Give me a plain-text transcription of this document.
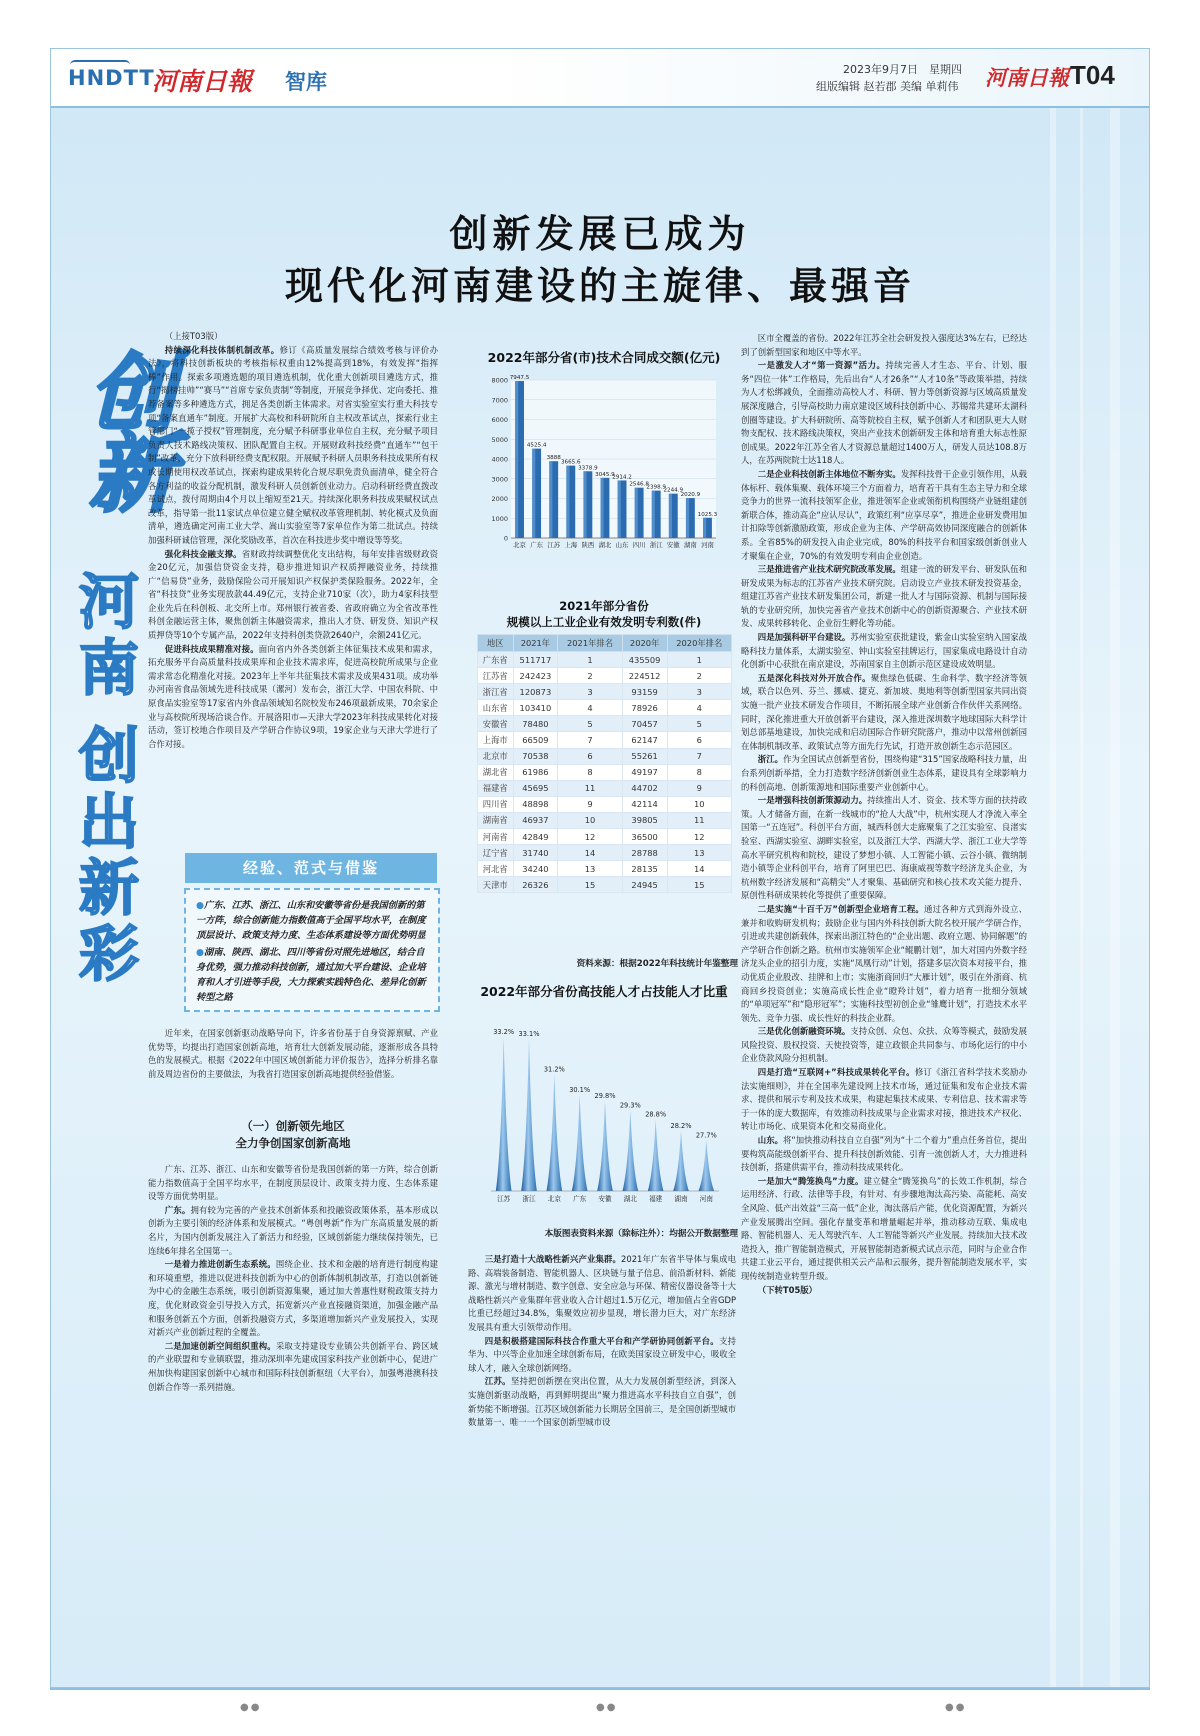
HNDTT
河南日報 智库
2023年9月7日　星期四
组版编辑 赵若郡 美编 单莉伟 河南日報 T04
创新发展已成为
现代化河南建设的主旋律、最强音
创新
河
南
创
出
新
彩

（上接T03版）

持续深化科技体制机制改革。修订《高质量发展综合绩效考核与评价办法》，将科技创新板块的考核指标权重由12%提高到18%，有效发挥“指挥棒”作用。探索多项遴选题的项目遴选机制，优化重大创新项目遴选方式，推行“揭榜挂帅”“赛马”“首席专家负责制”等制度，开展竞争择优、定向委托、推荐备案等多种遴选方式，拥足各类创新主体需求。对省实验室实行重大科技专项“备案直通车”制度。开展扩大高校和科研院所自主权改革试点，探索行业主管部门“一揽子授权”管理制度，充分赋予科研事业单位自主权，充分赋予项目负责人技术路线决策权、团队配置自主权。开展财政科技经费“直通车”“包干制”改革，充分下放科研经费支配权限。开展赋予科研人员职务科技成果所有权或长期使用权改革试点，探索构建成果转化合规尽职免责负面清单，健全符合各方利益的收益分配机制，激发科研人员创新创业动力。启动科研经费直拨改革试点，拨付周期由4个月以上缩短至21天。持续深化职务科技成果赋权试点改革，指导第一批11家试点单位建立健全赋权改革管理机制、转化模式及负面清单，遴选确定河南工业大学、嵩山实验室等7家单位作为第二批试点。持续加强科研诚信管理，深化奖励改革，首次在科技进步奖中增设等等奖。

强化科技金融支撑。省财政持续调整优化支出结构，每年安排省级财政资金20亿元，加强信贷资金支持，稳步推进知识产权质押融资业务，持续推广“信易贷”业务，鼓励保险公司开展知识产权保护类保险服务。2022年，全省“科技贷”业务实现放款44.49亿元，支持企业710家（次），助力4家科技型企业先后在科创板、北交所上市。郑州银行被省委、省政府确立为全省改革性科创金融运营主体，聚焦创新主体融资需求，推出人才贷、研发贷、知识产权质押贷等10个专属产品，2022年支持科创类贷款2640户，余额241亿元。

促进科技成果精准对接。面向省内外各类创新主体征集技术成果和需求，拓充服务平台高质量科技成果库和企业技术需求库，促进高校院所成果与企业需求常态化精准化对接。2023年上半年共征集技术需求及成果431项。成功举办河南省食品领域先进科技成果（漯河）发布会，浙江大学、中国农科院、中原食品实验室等17家省内外食品领域知名院校发布246项最新成果，70余家企业与高校院所现场洽谈合作。开展洛阳市—天津大学2023年科技成果转化对接活动，签订校地合作项目及产学研合作协议9项，19家企业与天津大学进行了合作对接。

经验、范式与借鉴

●广东、江苏、浙江、山东和安徽等省份是我国创新的第一方阵，综合创新能力指数值高于全国平均水平，在制度顶层设计、政策支持力度、生态体系建设等方面优势明显

●湖南、陕西、湖北、四川等省份对照先进地区，结合自身优势，强力推动科技创新，通过加大平台建设、企业培育和人才引进等手段，大力探索实践特色化、差异化创新转型之路

近年来，在国家创新驱动战略导向下，许多省份基于自身资源禀赋、产业优势等，均提出打造国家创新高地，培育壮大创新发展动能，逐渐形成各具特色的发展模式。根据《2022年中国区域创新能力评价报告》，选择分析排名靠前及周边省份的主要做法，为我省打造国家创新高地提供经验借鉴。

（一）创新领先地区
全力争创国家创新高地

广东、江苏、浙江、山东和安徽等省份是我国创新的第一方阵，综合创新能力指数值高于全国平均水平，在制度顶层设计、政策支持力度、生态体系建设等方面优势明显。

广东。拥有较为完善的产业技术创新体系和投融资政策体系，基本形成以创新为主要引领的经济体系和发展模式。“粤创粤新”作为广东高质量发展的新名片，为国内创新发展注入了新活力和经验，区域创新能力继续保持领先，已连续6年排名全国第一。

一是着力推进创新生态系统。围绕企业、技术和金融的培育进行制度构建和环境重塑，推进以促进科技创新为中心的创新体制机制改革，打造以创新链为中心的金融生态系统，吸引创新资源集聚，通过加大普惠性财税政策支持力度，优化财政资金引导投入方式，拓宽新兴产业直接融资渠道，加强金融产品和服务创新五个方面，创新投融资方式，多渠道增加新兴产业发展投入，实现对新兴产业创新过程的全覆盖。

二是加速创新空间组织重构。采取支持建设专业镇公共创新平台、跨区域的产业联盟和专业镇联盟，推动深圳率先建成国家科技产业创新中心，促进广州加快构建国家创新中心城市和国际科技创新枢纽（大平台），加强粤港澳科技创新合作等一系列措施。

2022年部分省(市)技术合同成交额(亿元)
8000
7000
6000
5000
4000
3000
2000
1000
0
7947.5
北京
4525.4
广东
3888
江苏
3665.6
上海
3378.9
陕西
3045.9
湖北
2914.2
山东
2546.8
四川
2398.9
浙江
2244.9
安徽
2020.9
湖南
1025.3
河南
2021年部分省份
规模以上工业企业有效发明专利数(件)
地区	2021年	2021年排名	2020年	2020年排名
广东省	511717	1	435509	1
江苏省	242423	2	224512	2
浙江省	120873	3	93159	3
山东省	103410	4	78926	4
安徽省	78480	5	70457	5
上海市	66509	7	62147	6
北京市	70538	6	55261	7
湖北省	61986	8	49197	8
福建省	45695	11	44702	9
四川省	48898	9	42114	10
湖南省	46937	10	39805	11
河南省	42849	12	36500	12
辽宁省	31740	14	28788	13
河北省	34240	13	28135	14
天津市	26326	15	24945	15
资料来源：根据2022年科技统计年鉴整理
2022年部分省份高技能人才占技能人才比重
33.2%
江苏
33.1%
浙江
31.2%
北京
30.1%
广东
29.8%
安徽
29.3%
湖北
28.8%
福建
28.2%
湖南
27.7%
河南
本版图表资料来源（除标注外）：均据公开数据整理

三是打造十大战略性新兴产业集群。2021年广东省半导体与集成电路、高端装备制造、智能机器人、区块链与量子信息、前沿新材料、新能源、激光与增材制造、数字创意、安全应急与环保、精密仪器设备等十大战略性新兴产业集群年营业收入合计超过1.5万亿元，增加值占全省GDP比重已经超过34.8%，集聚效应初步显现，增长潜力巨大，对广东经济发展具有重大引领带动作用。

四是积极搭建国际科技合作重大平台和产学研协同创新平台。支持华为、中兴等企业加速全球创新布局，在欧美国家设立研发中心，吸收全球人才，融入全球创新网络。

江苏。坚持把创新摆在突出位置，从大力发展创新型经济，到深入实施创新驱动战略，再到鲜明提出“聚力推进高水平科技自立自强”，创新势能不断增强。江苏区域创新能力长期居全国前三，是全国创新型城市数量第一、唯一一个国家创新型城市设

区市全覆盖的省份。2022年江苏全社会研发投入强度达3%左右，已经达到了创新型国家和地区中等水平。

一是激发人才“第一资源”活力。持续完善人才生态、平台、计划、服务“四位一体”工作格局，先后出台“人才26条”“人才10条”等政策举措，持续为人才松绑减负，全面推动高校人才、科研、智力等创新资源与区域高质量发展深度融合，引导高校助力南京建设区域科技创新中心、苏锡常共建环太湖科创圈等建设。扩大科研院所、高等院校自主权，赋予创新人才和团队更大人财物支配权、技术路线决策权，突出产业技术创新研发主体和培育重大标志性原创成果。2022年江苏全省人才资源总量超过1400万人，研发人员达108.8万人，在苏两院院士达118人。

二是企业科技创新主体地位不断夯实。发挥科技骨干企业引领作用，从载体标杆、载体集聚、载体环境三个方面着力，培育若干具有生态主导力和全球竞争力的世界一流科技领军企业，推进领军企业或领衔机构围绕产业链组建创新联合体，推动高企“应认尽认”，政策红利“应享尽享”，推进企业研发费用加计扣除等创新激励政策，形成企业为主体、产学研高效协同深度融合的创新体系。全省85%的研发投入由企业完成，80%的科技平台和国家级创新创业人才聚集在企业，70%的有效发明专利由企业创造。

三是推进省产业技术研究院改革发展。组建一流的研发平台、研发队伍和研发成果为标志的江苏省产业技术研究院。启动设立产业技术研发投资基金，组建江苏省产业技术研发集团公司，新建一批人才与国际资源、机制与国际接轨的专业研究所，加快完善省产业技术创新中心的创新资源聚合、产业技术研发、成果转移转化、企业衍生孵化等功能。

四是加强科研平台建设。苏州实验室获批建设，紫金山实验室纳入国家战略科技力量体系，太湖实验室、钟山实验室挂牌运行，国家集成电路设计自动化创新中心获批在南京建设，苏南国家自主创新示范区建设成效明显。

五是深化科技对外开放合作。聚焦绿色低碳、生命科学、数字经济等领域，联合以色列、芬兰、挪威、捷克、新加坡、奥地利等创新型国家共同出资实施一批产业技术研发合作项目，不断拓展全球产业创新合作伙伴关系网络。同时，深化推进重大开放创新平台建设，深入推进深圳数字地球国际大科学计划总部基地建设，加快完成和启动国际合作研究院落户，推动中以常州创新园在体制机制改革、政策试点等方面先行先试，打造开放创新生态示范园区。

浙江。作为全国试点创新型省份，围绕构建“315”国家战略科技力量，出台系列创新举措，全力打造数字经济创新创业生态体系，建设具有全球影响力的科创高地、创新策源地和国际重要产业创新中心。

一是增强科技创新策源动力。持续推出人才、资金、技术等方面的扶持政策。人才储备方面，在新一线城市的“抢人大战”中，杭州实现人才净流入率全国第一“五连冠”。科创平台方面，城西科创大走廊聚集了之江实验室、良渚实验室、西湖实验室、湖畔实验室，以及浙江大学、西湖大学、浙江工业大学等高水平研究机构和院校，建设了梦想小镇、人工智能小镇、云谷小镇、微纳制造小镇等企业科创平台，培育了阿里巴巴、海康威视等数字经济龙头企业，为杭州数字经济发展和“高精尖”人才聚集、基础研究和核心技术攻关能力提升、原创性科研成果转化等提供了重要保障。

二是实施“十百千万”创新型企业培育工程。通过各种方式到海外设立、兼并和收购研发机构；鼓励企业与国内外科技创新大院名校开展产学研合作，引进或共建创新载体，探索出浙江特色的“企业出题、政府立题、协同解题”的产学研合作创新之路。杭州市实施领军企业“鲲鹏计划”，加大对国内外数字经济龙头企业的招引力度，实施“凤凰行动”计划，搭建多层次资本对接平台，推动优质企业股改、挂牌和上市；实施浙商回归“大雁计划”，吸引在外浙商、杭商回乡投资创业；实施高成长性企业“瞪羚计划”，着力培育一批细分领域的“单项冠军”和“隐形冠军”；实施科技型初创企业“雏鹰计划”，打造技术水平领先、竞争力强、成长性好的科技企业群。

三是优化创新融资环境。支持众创、众包、众扶、众筹等模式，鼓励发展风险投资、股权投资、天使投资等，建立政银企共同参与、市场化运行的中小企业贷款风险分担机制。

四是打造“互联网+”科技成果转化平台。修订《浙江省科学技术奖励办法实施细则》，并在全国率先建设网上技术市场，通过征集和发布企业技术需求、提供和展示专利及技术成果，构建起集技术成果、专利信息、技术需求等于一体的庞大数据库，有效推动科技成果与企业需求对接，推进技术产权化、转让市场化、成果资本化和交易商业化。

山东。将“加快推动科技自立自强”列为“十二个着力”重点任务首位，提出要构筑高能级创新平台、提升科技创新效能、引育一流创新人才，大力推进科技创新，搭建供需平台，推动科技成果转化。

一是加大“腾笼换鸟”力度。建立健全“腾笼换鸟”的长效工作机制，综合运用经济、行政、法律等手段，有针对、有步骤地淘汰高污染、高能耗、高安全风险、低产出效益“三高一低”企业，淘汰落后产能，优化资源配置，为新兴产业发展腾出空间。强化存量变革和增量崛起并举，推动移动互联、集成电路、智能机器人、无人驾驶汽车、人工智能等新兴产业发展。持续加大技术改造投入，推广智能制造模式，开展智能制造新模式试点示范，同时与企业合作共建工业云平台，通过提供相关云产品和云服务，提升智能制造发展水平，实现传统制造业转型升级。

（下转T05版）

●●	●●	●●
